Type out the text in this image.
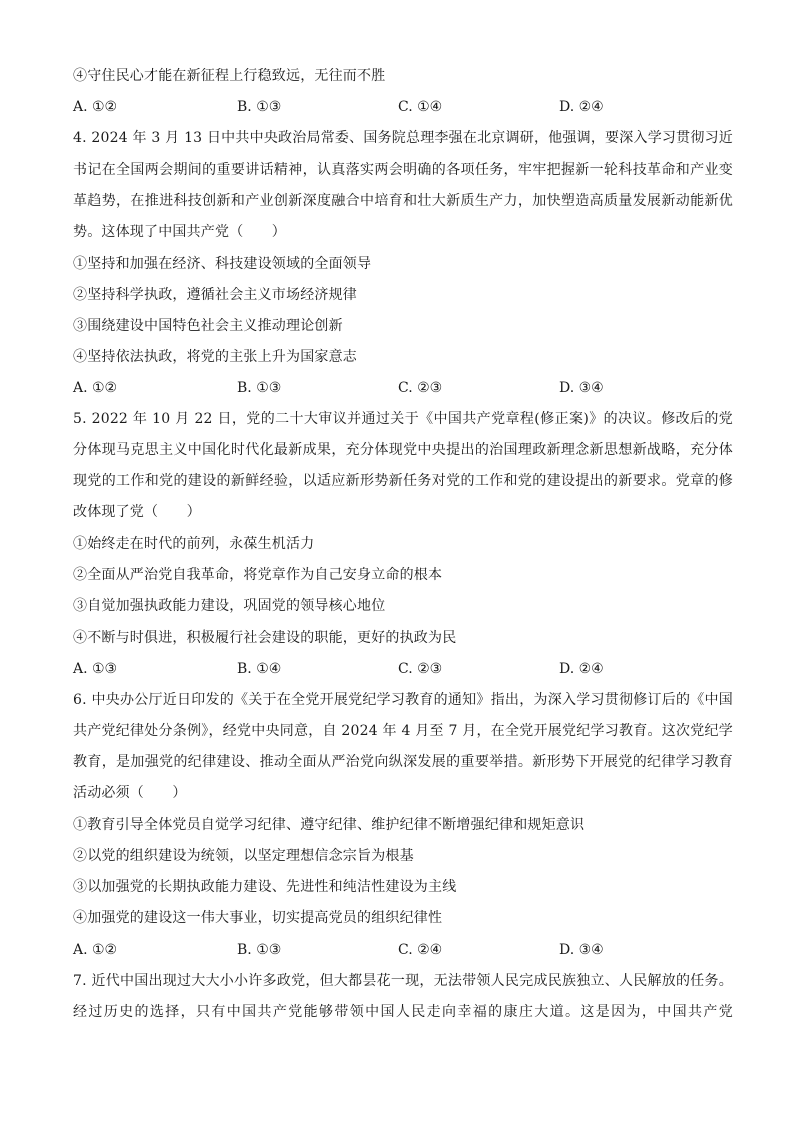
④守住民心才能在新征程上行稳致远，无往而不胜
A. ①②	B. ①③	C. ①④	D. ②④
4. 2024 年 3 月 13 日中共中央政治局常委、国务院总理李强在北京调研，他强调，要深入学习贯彻习近
书记在全国两会期间的重要讲话精神，认真落实两会明确的各项任务，牢牢把握新一轮科技革命和产业变
革趋势，在推进科技创新和产业创新深度融合中培育和壮大新质生产力，加快塑造高质量发展新动能新优
势。这体现了中国共产党（　　）
①坚持和加强在经济、科技建设领域的全面领导
②坚持科学执政，遵循社会主义市场经济规律
③围绕建设中国特色社会主义推动理论创新
④坚持依法执政，将党的主张上升为国家意志
A. ①②	B. ①③	C. ②③	D. ③④
5. 2022 年 10 月 22 日，党的二十大审议并通过关于《中国共产党章程(修正案)》的决议。修改后的党
分体现马克思主义中国化时代化最新成果，充分体现党中央提出的治国理政新理念新思想新战略，充分体
现党的工作和党的建设的新鲜经验，以适应新形势新任务对党的工作和党的建设提出的新要求。党章的修
改体现了党（　　）
①始终走在时代的前列，永葆生机活力
②全面从严治党自我革命，将党章作为自己安身立命的根本
③自觉加强执政能力建设，巩固党的领导核心地位
④不断与时俱进，积极履行社会建设的职能，更好的执政为民
A. ①③	B. ①④	C. ②③	D. ②④
6. 中央办公厅近日印发的《关于在全党开展党纪学习教育的通知》指出，为深入学习贯彻修订后的《中国
共产党纪律处分条例》，经党中央同意，自 2024 年 4 月至 7 月，在全党开展党纪学习教育。这次党纪学
教育，是加强党的纪律建设、推动全面从严治党向纵深发展的重要举措。新形势下开展党的纪律学习教育
活动必须（　　）
①教育引导全体党员自觉学习纪律、遵守纪律、维护纪律不断增强纪律和规矩意识
②以党的组织建设为统领，以坚定理想信念宗旨为根基
③以加强党的长期执政能力建设、先进性和纯洁性建设为主线
④加强党的建设这一伟大事业，切实提高党员的组织纪律性
A. ①②	B. ①③	C. ②④	D. ③④
7. 近代中国出现过大大小小许多政党，但大都昙花一现，无法带领人民完成民族独立、人民解放的任务。
经过历史的选择，只有中国共产党能够带领中国人民走向幸福的康庄大道。这是因为，中国共产党　　
